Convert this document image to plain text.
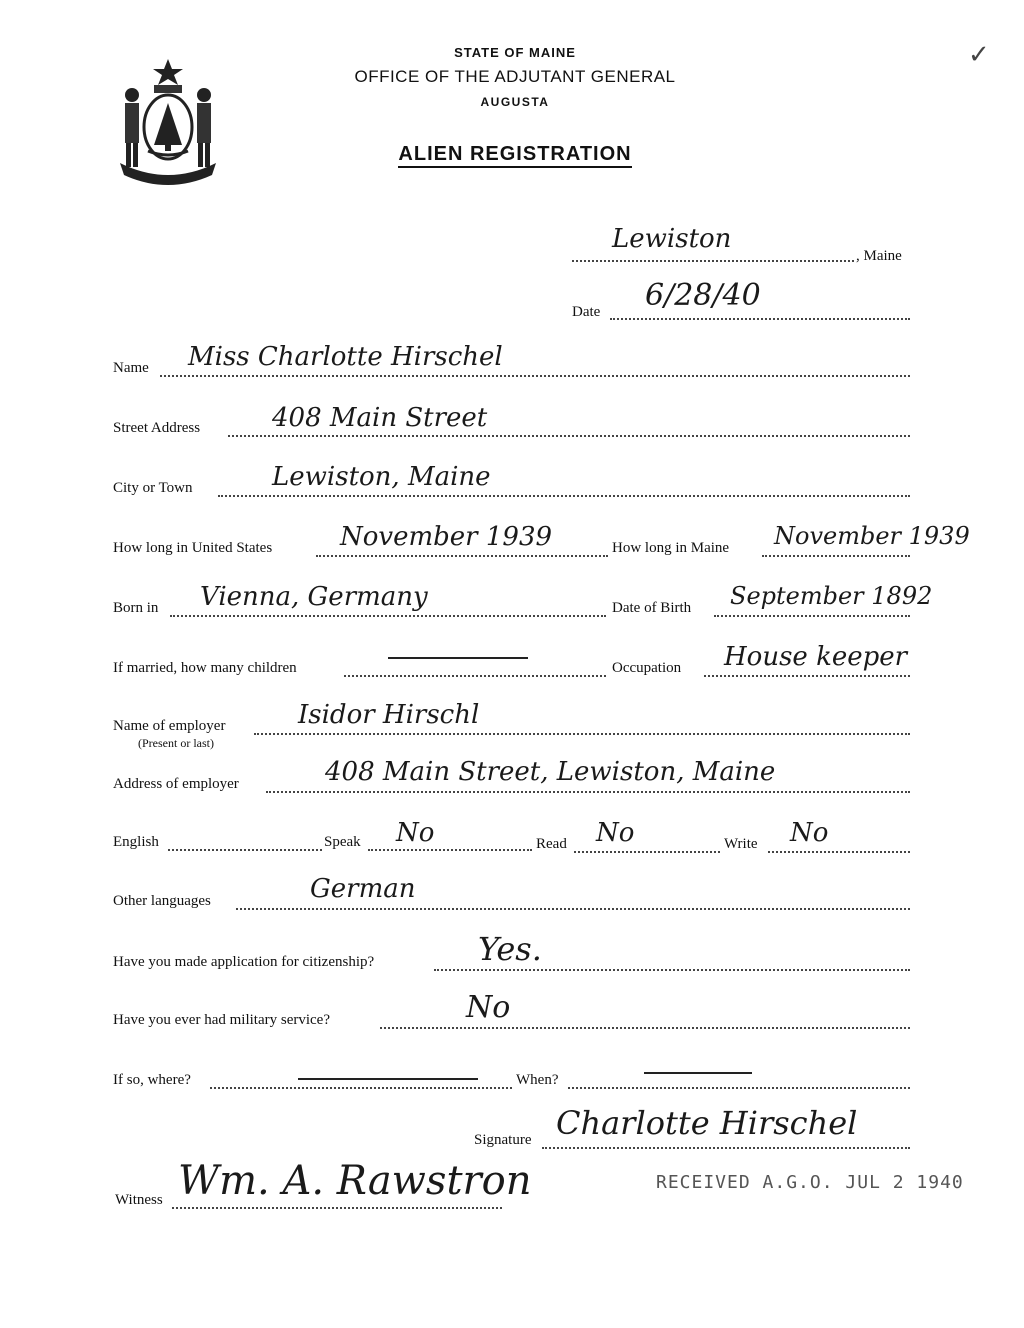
MAINE
STATE OF MAINE
OFFICE OF THE ADJUTANT GENERAL
AUGUSTA
ALIEN REGISTRATION
✓
Lewiston
, Maine
Date 6/28/40
Name Miss Charlotte Hirschel
Street Address	408 Main Street
City or Town	Lewiston, Maine
How long in United States	November 1939	How long in Maine November 1939
Born in Vienna, Germany	Date of Birth September 1892
If married, how many children	Occupation House keeper
Name of employer
(Present or last)
Isidor Hirschl
Address of employer	408 Main Street, Lewiston, Maine
English	Speak No	Read No	Write No
Other languages	German
Have you made application for citizenship?	Yes.
Have you ever had military service?	No
If so, where?	When?
Signature Charlotte Hirschel
Witness Wm. A. Rawstron	RECEIVED A.G.O. JUL 2 1940
